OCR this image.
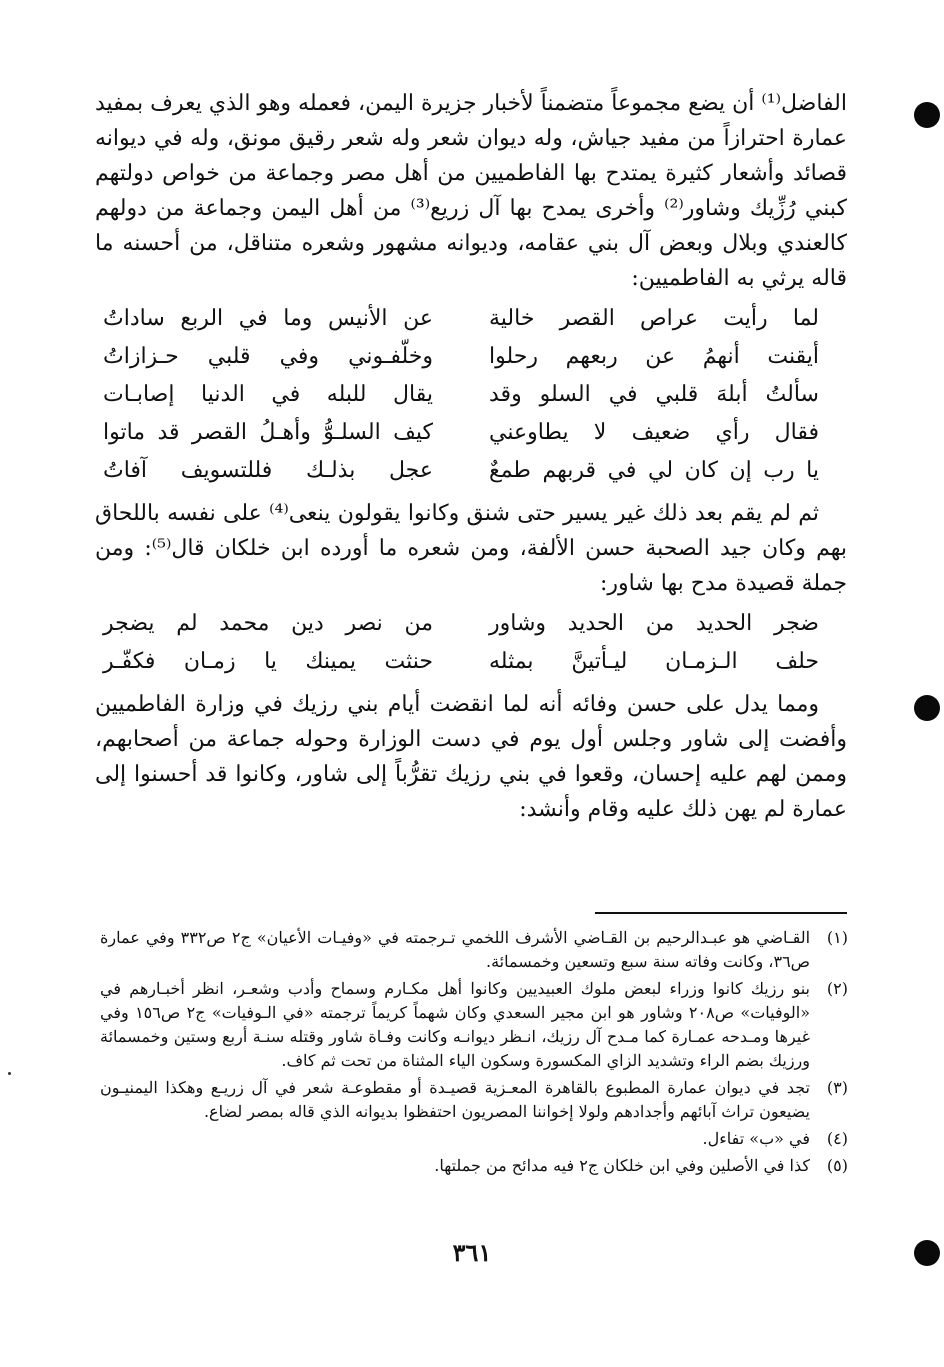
الفاضل⁽¹⁾ أن يضع مجموعاً متضمناً لأخبار جزيرة اليمن، فعمله وهو الذي يعرف بمفيد عمارة احترازاً من مفيد جياش، وله ديوان شعر وله شعر رقيق مونق، وله في ديوانه قصائد وأشعار كثيرة يمتدح بها الفاطميين من أهل مصر وجماعة من خواص دولتهم كبني رُزِّيك وشاور⁽²⁾ وأخرى يمدح بها آل زريع⁽³⁾ من أهل اليمن وجماعة من دولهم كالعندي وبلال وبعض آل بني عقامه، وديوانه مشهور وشعره متناقل، من أحسنه ما قاله يرثي به الفاطميين:

لما رأيت عراص القصر خالية
عن الأنيس وما في الربع ساداتُ
أيقنت أنهمُ عن ربعهم رحلوا
وخلّفـوني وفي قلبي حـزازاتُ
سألتُ أبلهَ قلبي في السلو وقد
يقال للبله في الدنيا إصابـات
فقال رأي ضعيف لا يطاوعني
كيف السلـوُّ وأهـلُ القصر قد ماتوا
يا رب إن كان لي في قربهم طمعٌ
عجل بذلـك فللتسويف آفاتُ

ثم لم يقم بعد ذلك غير يسير حتى شنق وكانوا يقولون ينعى⁽⁴⁾ على نفسه باللحاق بهم وكان جيد الصحبة حسن الألفة، ومن شعره ما أورده ابن خلكان قال⁽⁵⁾: ومن جملة قصيدة مدح بها شاور:

ضجر الحديد من الحديد وشاور
من نصر دين محمد لم يضجر
حلف الـزمـان ليـأتينَّ بمثله
حنثت يمينك يا زمـان فكفّـر

ومما يدل على حسن وفائه أنه لما انقضت أيام بني رزيك في وزارة الفاطميين وأفضت إلى شاور وجلس أول يوم في دست الوزارة وحوله جماعة من أصحابهم، وممن لهم عليه إحسان، وقعوا في بني رزيك تقرُّباً إلى شاور، وكانوا قد أحسنوا إلى عمارة لم يهن ذلك عليه وقام وأنشد:

(١)
القـاضي هو عبـدالرحيم بن القـاضي الأشرف اللخمي تـرجمته في «وفيـات الأعيان» ج٢ ص٣٣٢ وفي عمارة ص٣٦، وكانت وفاته سنة سبع وتسعين وخمسمائة.
(٢)
بنو رزيك كانوا وزراء لبعض ملوك العبيديين وكانوا أهل مكـارم وسماح وأدب وشعـر، انظر أخبـارهم في «الوفيات» ص٢٠٨ وشاور هو ابن مجير السعدي وكان شهماً كريماً ترجمته «في الـوفيات» ج٢ ص١٥٦ وفي غيرها ومـدحه عمـارة كما مـدح آل رزيك، انـظر ديوانـه وكانت وفـاة شاور وقتله سنـة أربع وستين وخمسمائة ورزيك بضم الراء وتشديد الزاي المكسورة وسكون الياء المثناة من تحت ثم كاف.
(٣)
تجد في ديوان عمارة المطبوع بالقاهرة المعـزية قصيـدة أو مقطوعـة شعر في آل زريـع وهكذا اليمنيـون يضيعون تراث آبائهم وأجدادهم ولولا إخواننا المصريون احتفظوا بديوانه الذي قاله بمصر لضاع.
(٤)
في «ب» تفاءل.
(٥)
كذا في الأصلين وفي ابن خلكان ج٢ فيه مدائح من جملتها.
٣٦١
